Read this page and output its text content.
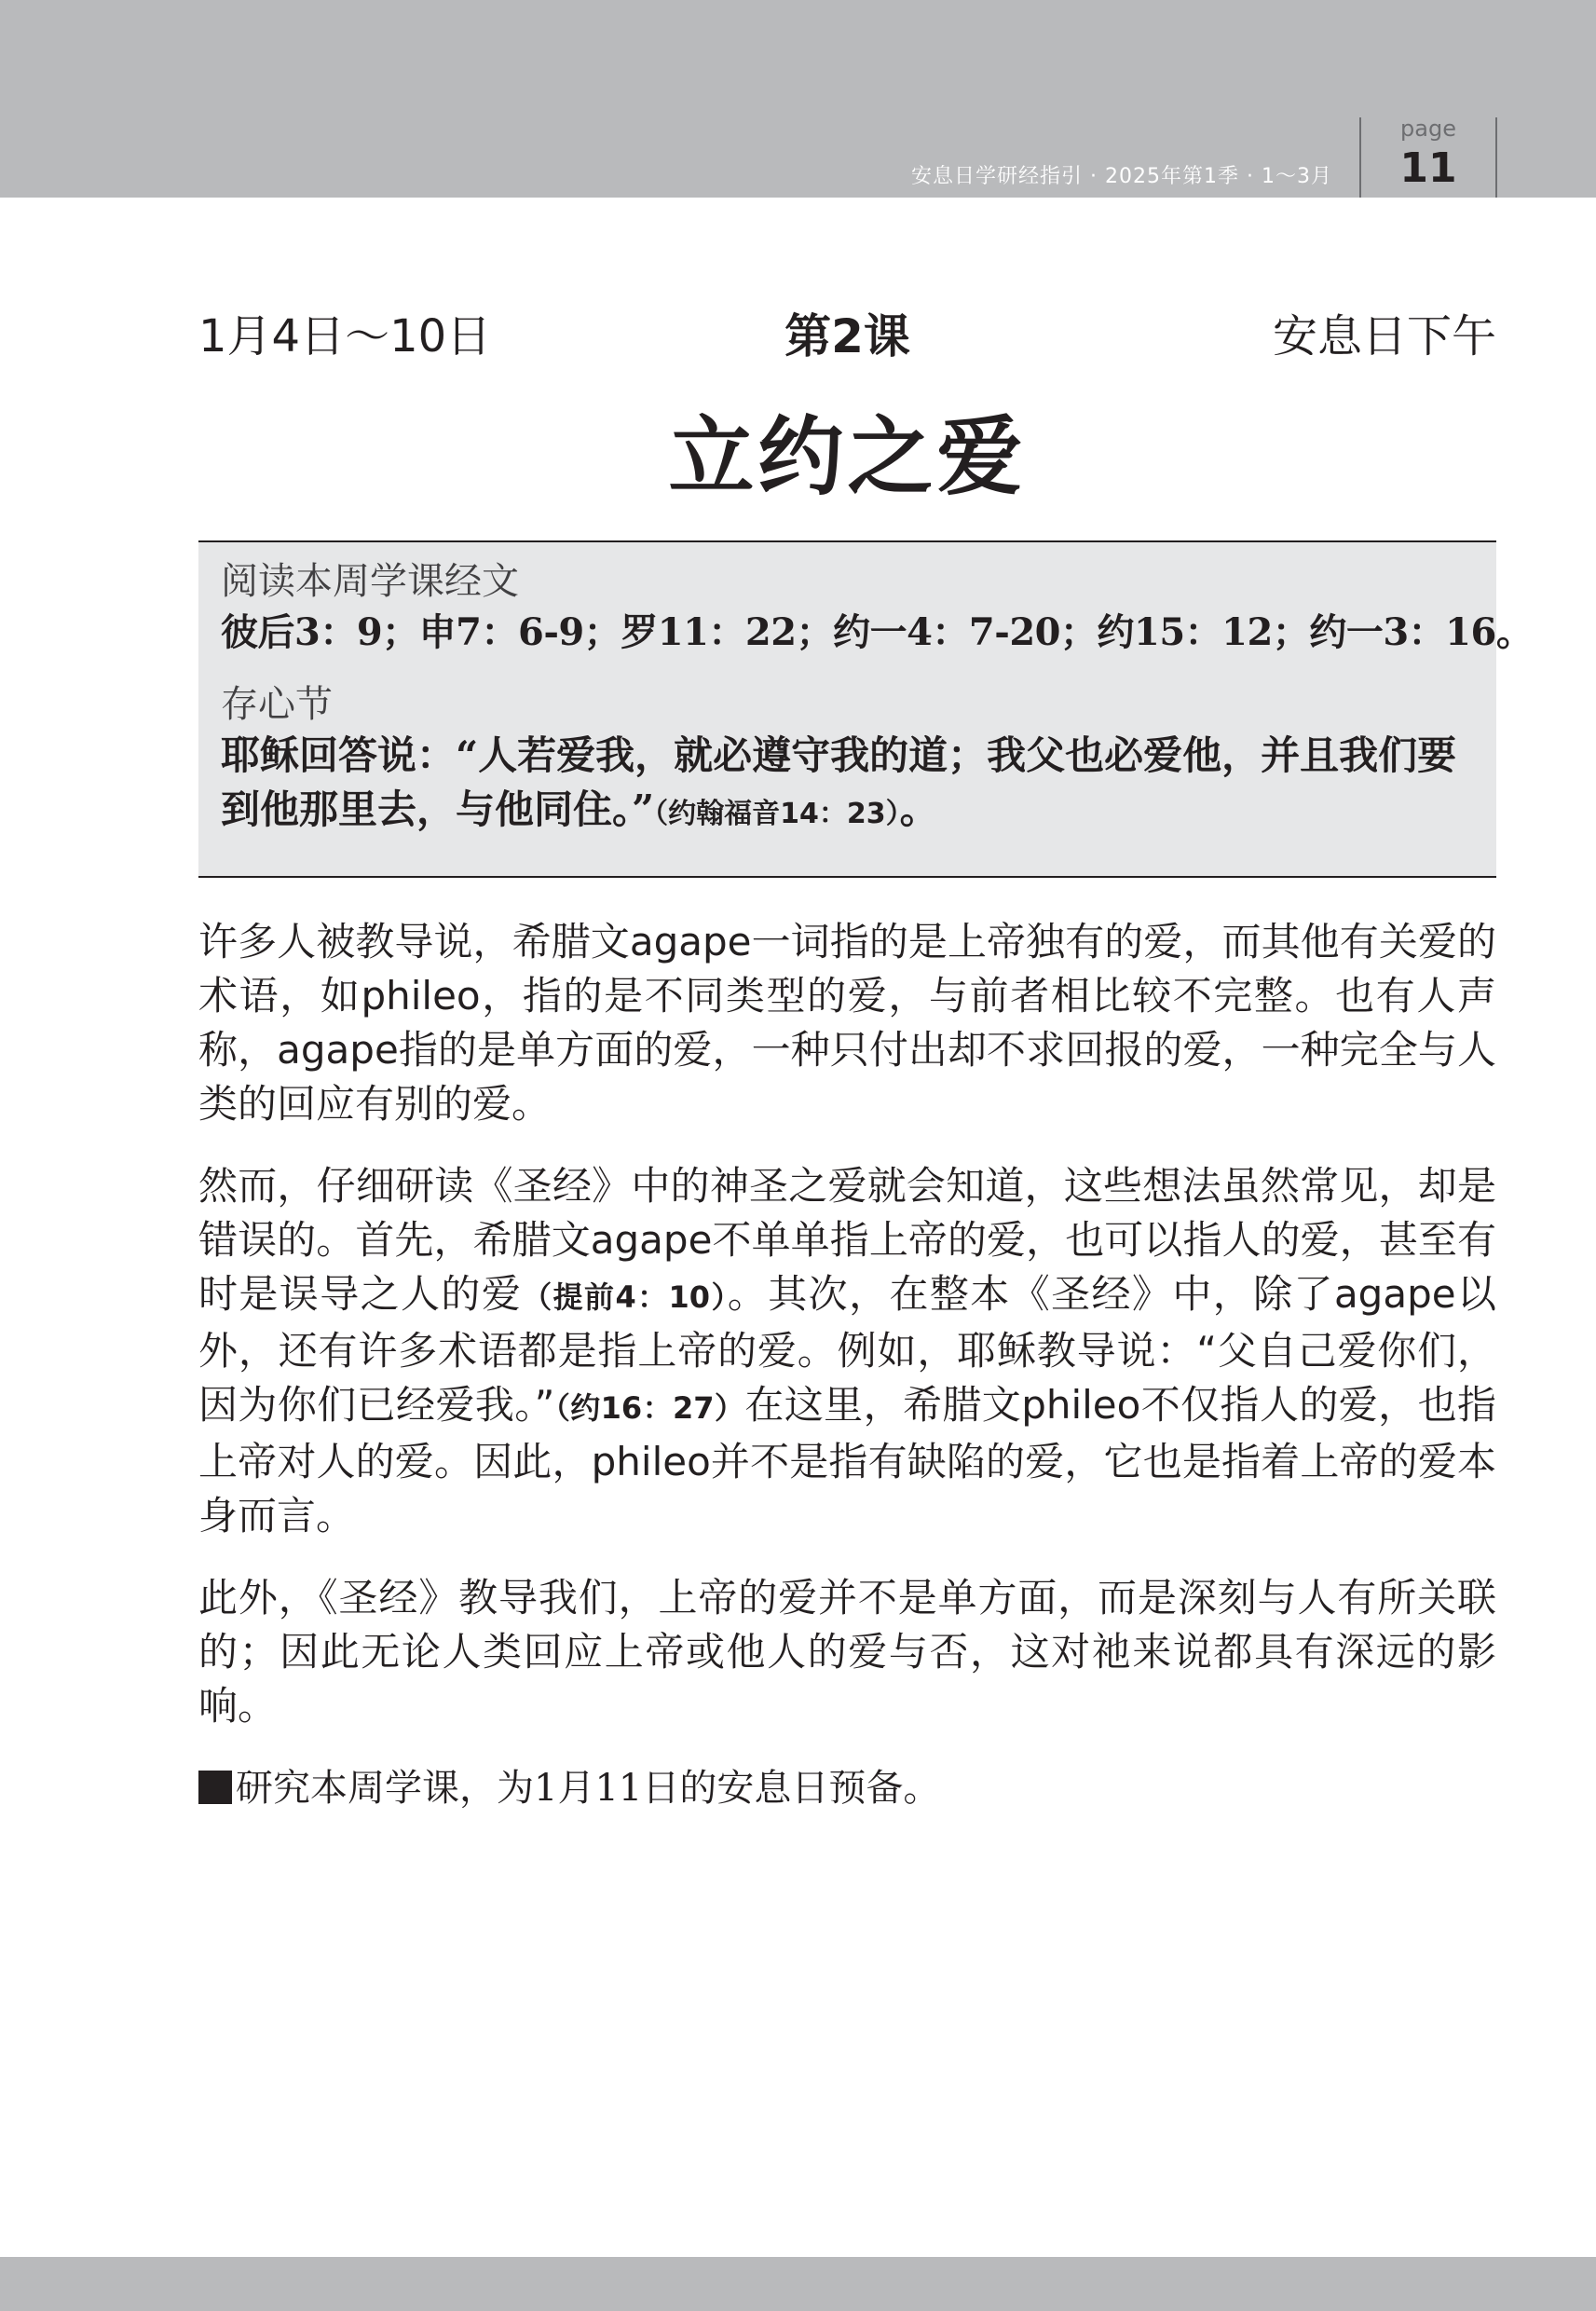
安息日学研经指引 · 2025年第1季 · 1〜3月
page
11
第2课
1月4日〜10日	安息日下午
立约之爱
阅读本周学课经文
彼后3：9；申7：6-9；罗11：22；约一4：7-20；约15：12；约一3：16。
存心节
耶稣回答说：“人若爱我，就必遵守我的道；我父也必爱他，并且我们要到他那里去，与他同住。”（约翰福音14：23）。

许多人被教导说，希腊文agape一词指的是上帝独有的爱，而其他有关爱的术语，如phileo，指的是不同类型的爱，与前者相比较不完整。也有人声称，agape指的是单方面的爱，一种只付出却不求回报的爱，一种完全与人类的回应有别的爱。

然而，仔细研读《圣经》中的神圣之爱就会知道，这些想法虽然常见，却是错误的。首先，希腊文agape不单单指上帝的爱，也可以指人的爱，甚至有时是误导之人的爱（提前4：10）。其次，在整本《圣经》中，除了agape以外，还有许多术语都是指上帝的爱。例如，耶稣教导说：“父自己爱你们，因为你们已经爱我。”（约16：27）在这里，希腊文phileo不仅指人的爱，也指上帝对人的爱。因此，phileo并不是指有缺陷的爱，它也是指着上帝的爱本身而言。

此外，《圣经》教导我们，上帝的爱并不是单方面，而是深刻与人有所关联的；因此无论人类回应上帝或他人的爱与否，这对祂来说都具有深远的影响。

研究本周学课，为1月11日的安息日预备。
